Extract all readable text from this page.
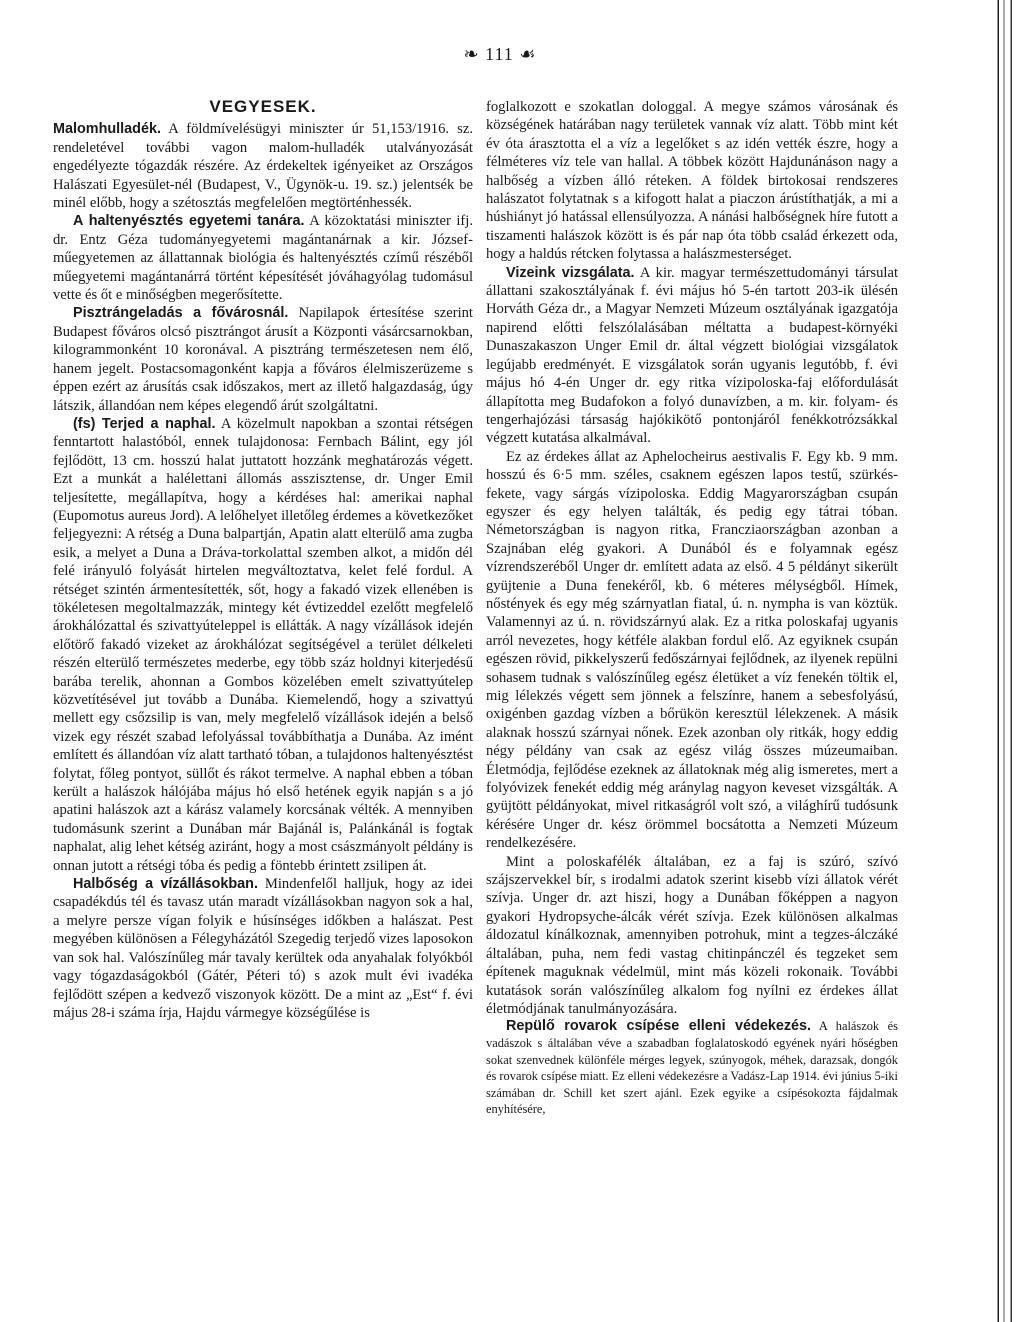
❧ 111 ☙
VEGYESEK.

Malomhulladék. A földmívelésügyi miniszter úr 51,153/1916. sz. rendeletével további vagon malom-hulladék utalványozását engedélyezte tógazdák részére. Az érdekeltek igényeiket az Országos Halászati Egyesület-nél (Budapest, V., Ügynök-u. 19. sz.) jelentsék be minél előbb, hogy a szétosztás megfelelően megtörténhessék.

A haltenyésztés egyetemi tanára. A közoktatási miniszter ifj. dr. Entz Géza tudományegyetemi magántanárnak a kir. József-műegyetemen az állattannak biológia és haltenyésztés czímű részéből műegyetemi magántanárrá történt képesítését jóváhagyólag tudomásul vette és őt e minőségben megerősítette.

Pisztrángeladás a fővárosnál. Napilapok értesítése szerint Budapest főváros olcsó pisztrángot árusít a Központi vásárcsarnokban, kilogrammonként 10 koronával. A pisztráng természetesen nem élő, hanem jegelt. Postacsomagonként kapja a főváros élelmiszerüzeme s éppen ezért az árusítás csak időszakos, mert az illető halgazdaság, úgy látszik, állandóan nem képes elegendő árút szolgáltatni.

(fs) Terjed a naphal. A közelmult napokban a szontai rétségen fenntartott halastóból, ennek tulajdonosa: Fernbach Bálint, egy jól fejlődött, 13 cm. hosszú halat juttatott hozzánk meghatározás végett. Ezt a munkát a halélettani állomás asszisztense, dr. Unger Emil teljesítette, megállapítva, hogy a kérdéses hal: amerikai naphal (Eupomotus aureus Jord). A lelőhelyet illetőleg érdemes a következőket feljegyezni: A rétség a Duna balpartján, Apatin alatt elterülő ama zugba esik, a melyet a Duna a Dráva-torkolattal szemben alkot, a midőn dél felé irányuló folyását hirtelen megváltoztatva, kelet felé fordul. A rétséget szintén ármentesítették, sőt, hogy a fakadó vizek ellenében is tökéletesen megoltalmazzák, mintegy két évtizeddel ezelőtt megfelelő árokhálózattal és szivattyúteleppel is ellátták. A nagy vízállások idején előtörő fakadó vizeket az árokhálózat segítségével a terület délkeleti részén elterülő természetes mederbe, egy több száz holdnyi kiterjedésű barába terelik, ahonnan a Gombos közelében emelt szivattyútelep közvetítésével jut tovább a Dunába. Kiemelendő, hogy a szivattyú mellett egy csőzsilip is van, mely megfelelő vízállások idején a belső vizek egy részét szabad lefolyással továbbíthatja a Dunába. Az imént említett és állandóan víz alatt tartható tóban, a tulajdonos haltenyésztést folytat, főleg pontyot, süllőt és rákot termelve. A naphal ebben a tóban került a halászok hálójába május hó első hetének egyik napján s a jó apatini halászok azt a kárász valamely korcsának vélték. A mennyiben tudomásunk szerint a Dunában már Bajánál is, Palánkánál is fogtak naphalat, alig lehet kétség aziránt, hogy a most császmányolt példány is onnan jutott a rétségi tóba és pedig a föntebb érintett zsilipen át.

Halbőség a vízállásokban. Mindenfelől halljuk, hogy az idei csapadékdús tél és tavasz után maradt vízállásokban nagyon sok a hal, a melyre persze vígan folyik e húsínséges időkben a halászat. Pest megyében különösen a Félegyházától Szegedig terjedő vizes laposokon van sok hal. Valószínűleg már tavaly kerültek oda anyahalak folyókból vagy tógazdaságokból (Gátér, Péteri tó) s azok mult évi ivadéka fejlődött szépen a kedvező viszonyok között. De a mint az „Est“ f. évi május 28-i száma írja, Hajdu vármegye községűlése is

foglalkozott e szokatlan dologgal. A megye számos városának és községének határában nagy területek vannak víz alatt. Több mint két év óta árasztotta el a víz a legelőket s az idén vették észre, hogy a félméteres víz tele van hallal. A többek között Hajdunánáson nagy a halbőség a vízben álló réteken. A földek birtokosai rendszeres halászatot folytatnak s a kifogott halat a piaczon árústíthatják, a mi a húshiányt jó hatással ellensúlyozza. A nánási halbőségnek híre futott a tiszamenti halászok között is és pár nap óta több család érkezett oda, hogy a haldús rétcken folytassa a halászmesterséget.

Vizeink vizsgálata. A kir. magyar természettudományi társulat állattani szakosztályának f. évi május hó 5-én tartott 203-ik ülésén Horváth Géza dr., a Magyar Nemzeti Múzeum osztályának igazgatója napirend előtti felszólalásában méltatta a budapest-környéki Dunaszakaszon Unger Emil dr. által végzett biológiai vizsgálatok legújabb eredményét. E vizsgálatok során ugyanis legutóbb, f. évi május hó 4-én Unger dr. egy ritka vízipoloska-faj előfordulását állapította meg Budafokon a folyó dunavízben, a m. kir. folyam- és tengerhajózási társaság hajókikötő pontonjáról fenékkotrózsákkal végzett kutatása alkalmával.

Ez az érdekes állat az Aphelocheirus aestivalis F. Egy kb. 9 mm. hosszú és 6·5 mm. széles, csaknem egészen lapos testű, szürkés-fekete, vagy sárgás vízipoloska. Eddig Magyarországban csupán egyszer és egy helyen találták, és pedig egy tátrai tóban. Németországban is nagyon ritka, Francziaországban azonban a Szajnában elég gyakori. A Dunából és e folyamnak egész vízrendszeréből Unger dr. említett adata az első. 4 5 példányt sikerült gyüjtenie a Duna fenekéről, kb. 6 méteres mélységből. Hímek, nőstények és egy még szárnyatlan fiatal, ú. n. nympha is van köztük. Valamennyi az ú. n. rövidszárnyú alak. Ez a ritka poloskafaj ugyanis arról nevezetes, hogy kétféle alakban fordul elő. Az egyiknek csupán egészen rövid, pikkelyszerű fedőszárnyai fejlődnek, az ilyenek repülni sohasem tudnak s valószínűleg egész életüket a víz fenekén töltik el, mig lélekzés végett sem jönnek a felszínre, hanem a sebesfolyású, oxigénben gazdag vízben a bőrükön keresztül lélekzenek. A másik alaknak hosszú szárnyai nőnek. Ezek azonban oly ritkák, hogy eddig négy példány van csak az egész világ összes múzeumaiban. Életmódja, fejlődése ezeknek az állatoknak még alig ismeretes, mert a folyóvizek fenekét eddig még aránylag nagyon keveset vizsgálták. A gyüjtött példányokat, mivel ritkaságról volt szó, a világhírű tudósunk kérésére Unger dr. kész örömmel bocsátotta a Nemzeti Múzeum rendelkezésére.

Mint a poloskafélék általában, ez a faj is szúró, szívó szájszervekkel bír, s irodalmi adatok szerint kisebb vízi állatok vérét szívja. Unger dr. azt hiszi, hogy a Dunában főképpen a nagyon gyakori Hydropsyche-álcák vérét szívja. Ezek különösen alkalmas áldozatul kínálkoznak, amennyiben potrohuk, mint a tegzes-álczáké általában, puha, nem fedi vastag chitinpánczél és tegzeket sem építenek maguknak védelmül, mint más közeli rokonaik. További kutatások során valószínűleg alkalom fog nyílni ez érdekes állat életmódjának tanulmányozására.

Repülő rovarok csípése elleni védekezés. A halászok és vadászok s általában véve a szabadban foglalatoskodó egyének nyári hőségben sokat szenvednek különféle mérges legyek, szúnyogok, méhek, darazsak, dongók és rovarok csípése miatt. Ez elleni védekezésre a Vadász-Lap 1914. évi június 5-iki számában dr. Schill ket szert ajánl. Ezek egyike a csípésokozta fájdalmak enyhítésére,
